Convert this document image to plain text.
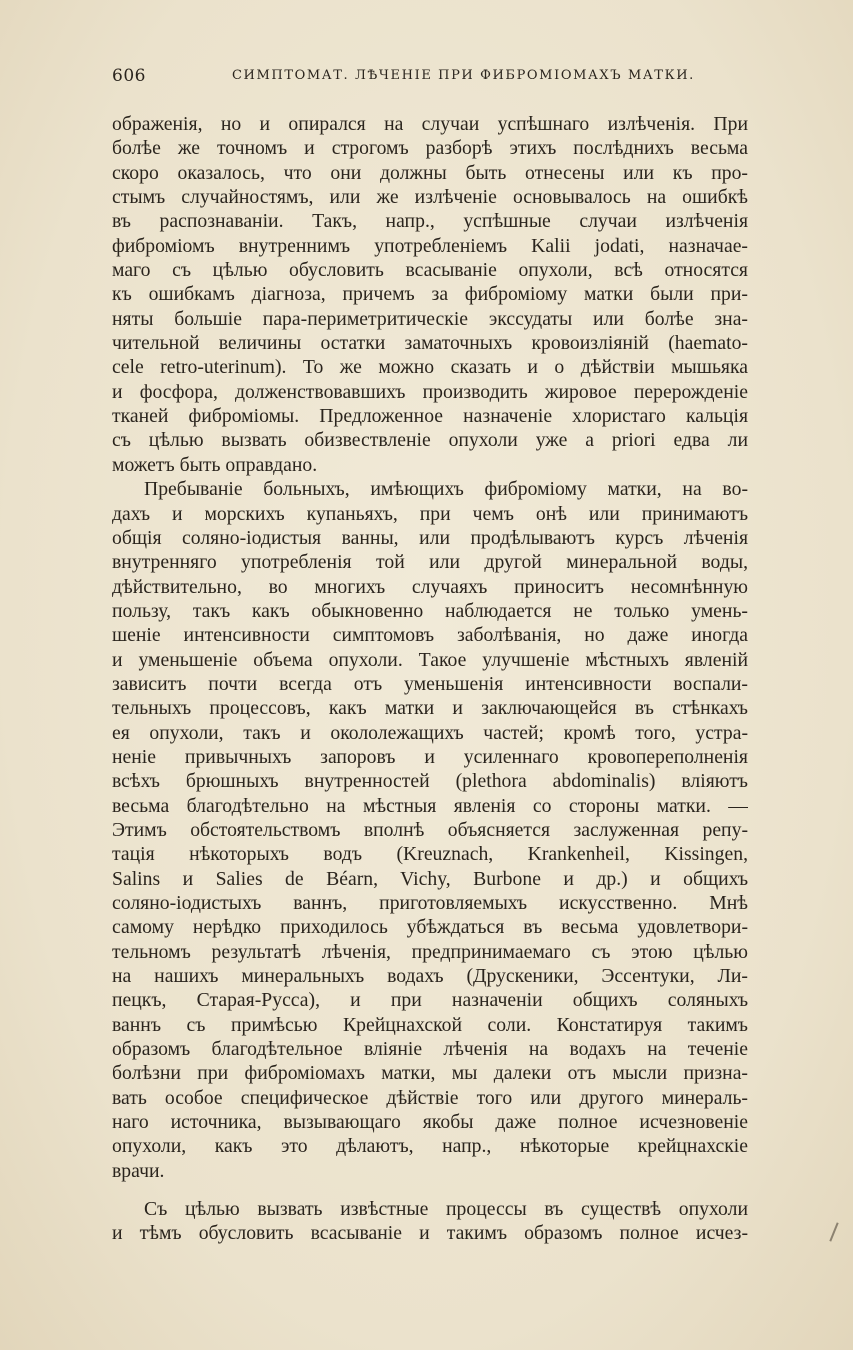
606	СИМПТОМАТ. ЛѢЧЕНІЕ ПРИ ФИБРОМІОМАХЪ МАТКИ.
ображенія, но и опирался на случаи успѣшнаго излѣченія. При
болѣе же точномъ и строгомъ разборѣ этихъ послѣднихъ весьма
скоро оказалось, что они должны быть отнесены или къ про-
стымъ случайностямъ, или же излѣченіе основывалось на ошибкѣ
въ распознаваніи. Такъ, напр., успѣшные случаи излѣченія
фиброміомъ внутреннимъ употребленіемъ Kalii jodati, назначае-
маго съ цѣлью обусловить всасываніе опухоли, всѣ относятся
къ ошибкамъ діагноза, причемъ за фиброміому матки были при-
няты большіе пара-периметритическіе экссудаты или болѣе зна-
чительной величины остатки заматочныхъ кровоизліяній (haemato-
cele retro-uterinum). То же можно сказать и о дѣйствіи мышьяка
и фосфора, долженствовавшихъ производить жировое перерожденіе
тканей фиброміомы. Предложенное назначеніе хлористаго кальція
съ цѣлью вызвать обизвествленіе опухоли уже a priori едва ли
можетъ быть оправдано.
Пребываніе больныхъ, имѣющихъ фиброміому матки, на во-
дахъ и морскихъ купаньяхъ, при чемъ онѣ или принимаютъ
общія соляно-іодистыя ванны, или продѣлываютъ курсъ лѣченія
внутренняго употребленія той или другой минеральной воды,
дѣйствительно, во многихъ случаяхъ приноситъ несомнѣнную
пользу, такъ какъ обыкновенно наблюдается не только умень-
шеніе интенсивности симптомовъ заболѣванія, но даже иногда
и уменьшеніе объема опухоли. Такое улучшеніе мѣстныхъ явленій
зависитъ почти всегда отъ уменьшенія интенсивности воспали-
тельныхъ процессовъ, какъ матки и заключающейся въ стѣнкахъ
ея опухоли, такъ и окололежащихъ частей; кромѣ того, устра-
неніе привычныхъ запоровъ и усиленнаго кровопереполненія
всѣхъ брюшныхъ внутренностей (plethora abdominalis) вліяютъ
весьма благодѣтельно на мѣстныя явленія со стороны матки. —
Этимъ обстоятельствомъ вполнѣ объясняется заслуженная репу-
тація нѣкоторыхъ водъ (Kreuznach, Krankenheil, Kissingen,
Salins и Salies de Béarn, Vichy, Burbone и др.) и общихъ
соляно-іодистыхъ ваннъ, приготовляемыхъ искусственно. Мнѣ
самому нерѣдко приходилось убѣждаться въ весьма удовлетвори-
тельномъ результатѣ лѣченія, предпринимаемаго съ этою цѣлью
на нашихъ минеральныхъ водахъ (Друскеники, Эссентуки, Ли-
пецкъ, Старая-Русса), и при назначеніи общихъ соляныхъ
ваннъ съ примѣсью Крейцнахской соли. Констатируя такимъ
образомъ благодѣтельное вліяніе лѣченія на водахъ на теченіе
болѣзни при фиброміомахъ матки, мы далеки отъ мысли призна-
вать особое специфическое дѣйствіе того или другого минераль-
наго источника, вызывающаго якобы даже полное исчезновеніе
опухоли, какъ это дѣлаютъ, напр., нѣкоторые крейцнахскіе
врачи.
Съ цѣлью вызвать извѣстные процессы въ существѣ опухоли
и тѣмъ обусловить всасываніе и такимъ образомъ полное исчез-
